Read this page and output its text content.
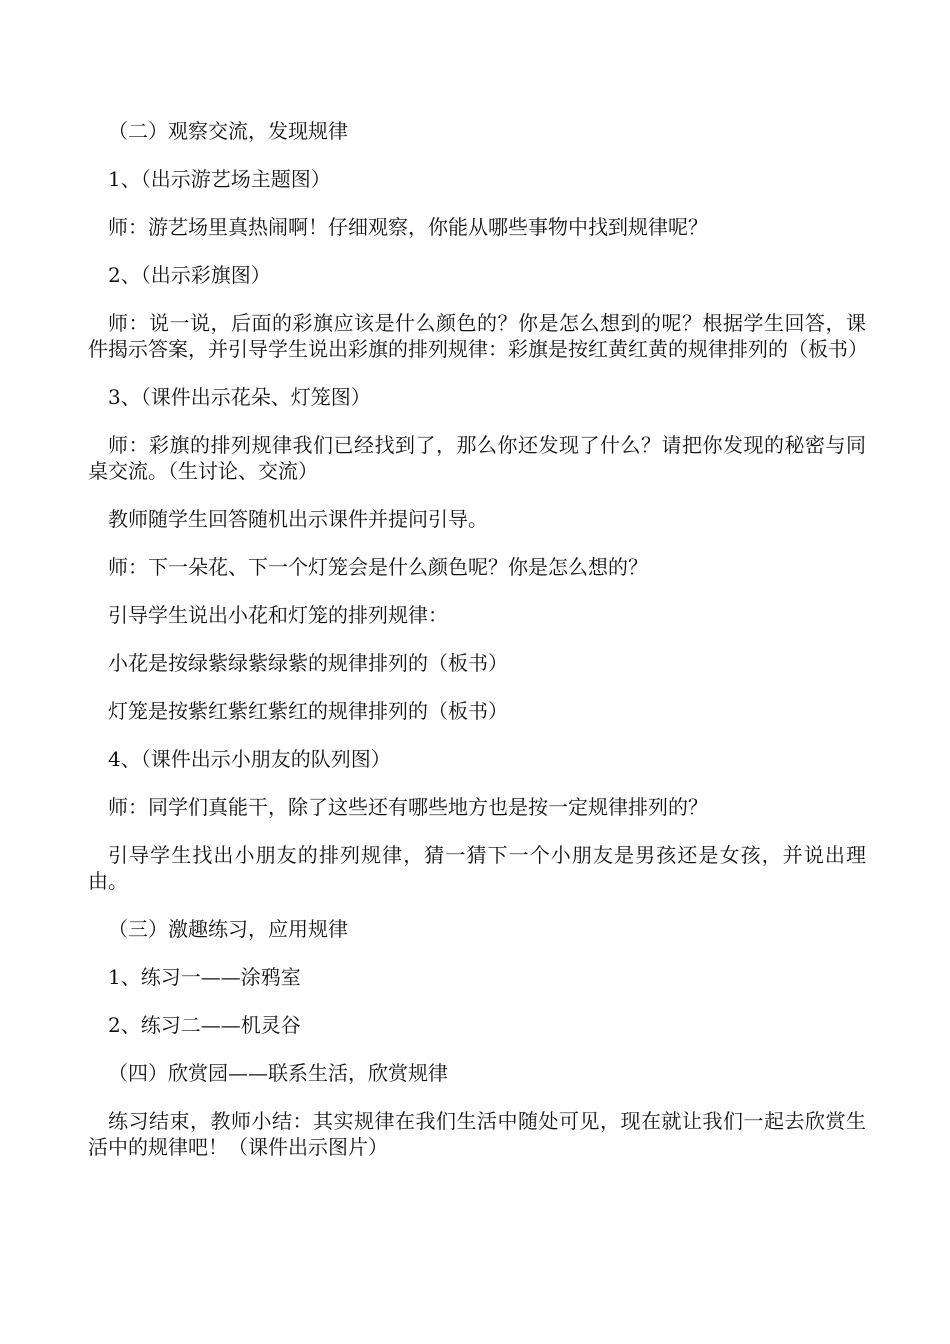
（二）观察交流，发现规律

1、（出示游艺场主题图）

师：游艺场里真热闹啊！仔细观察，你能从哪些事物中找到规律呢？

2、（出示彩旗图）

师：说一说，后面的彩旗应该是什么颜色的？你是怎么想到的呢？根据学生回答，课件揭示答案，并引导学生说出彩旗的排列规律：彩旗是按红黄红黄的规律排列的（板书）

3、（课件出示花朵、灯笼图）

师：彩旗的排列规律我们已经找到了，那么你还发现了什么？请把你发现的秘密与同桌交流。（生讨论、交流）

教师随学生回答随机出示课件并提问引导。

师：下一朵花、下一个灯笼会是什么颜色呢？你是怎么想的？

引导学生说出小花和灯笼的排列规律：

小花是按绿紫绿紫绿紫的规律排列的（板书）

灯笼是按紫红紫红紫红的规律排列的（板书）

4、（课件出示小朋友的队列图）

师：同学们真能干，除了这些还有哪些地方也是按一定规律排列的？

引导学生找出小朋友的排列规律，猜一猜下一个小朋友是男孩还是女孩，并说出理由。

（三）激趣练习，应用规律

1、练习一——涂鸦室

2、练习二——机灵谷

（四）欣赏园——联系生活，欣赏规律

练习结束，教师小结：其实规律在我们生活中随处可见，现在就让我们一起去欣赏生活中的规律吧！（课件出示图片）
